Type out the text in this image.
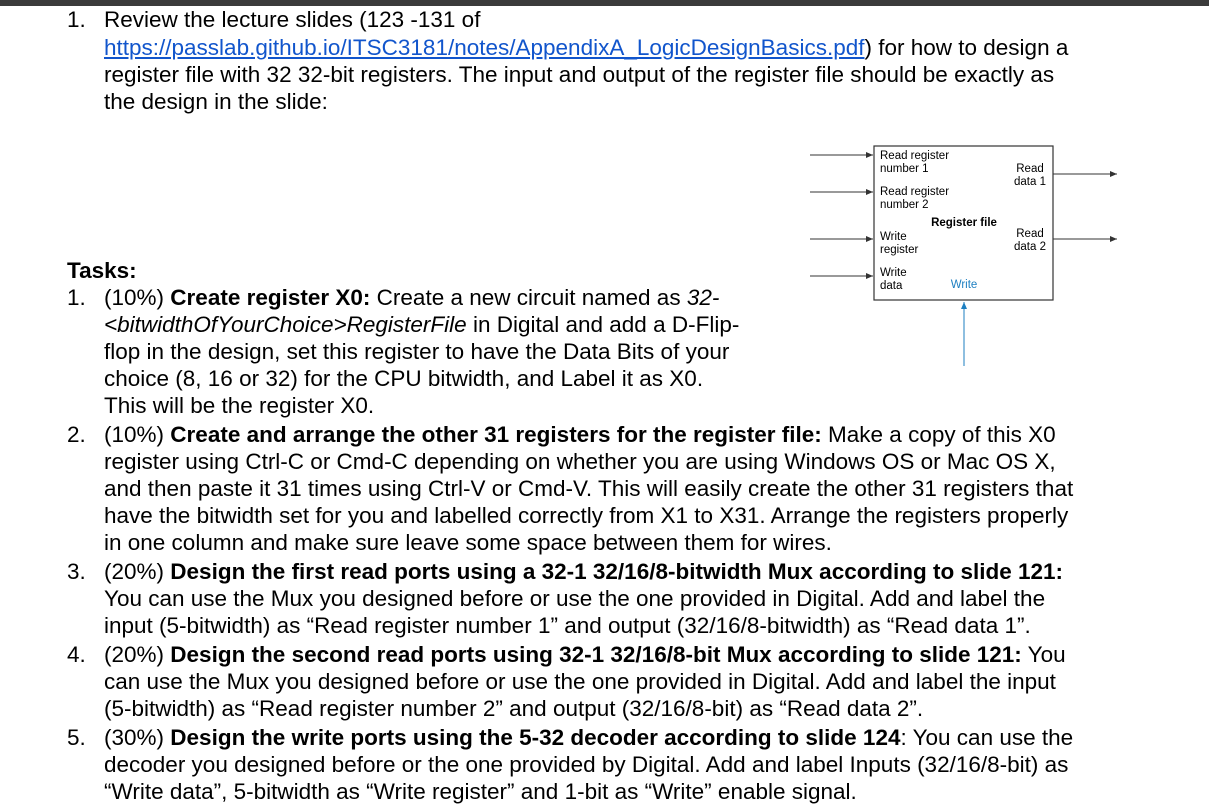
1. Review the lecture slides (123 -131 of
https://passlab.github.io/ITSC3181/notes/AppendixA_LogicDesignBasics.pdf) for how to design a
register file with 32 32-bit registers. The input and output of the register file should be exactly as
the design in the slide:
Read register
number 1
Read register
number 2
Write
register
Write
data
Register file
Read
data 1
Read
data 2
Write
Tasks:
1. (10%) Create register X0: Create a new circuit named as 32-
<bitwidthOfYourChoice>RegisterFile in Digital and add a D-Flip-
flop in the design, set this register to have the Data Bits of your
choice (8, 16 or 32) for the CPU bitwidth, and Label it as X0.
This will be the register X0.
2. (10%) Create and arrange the other 31 registers for the register file: Make a copy of this X0
register using Ctrl-C or Cmd-C depending on whether you are using Windows OS or Mac OS X,
and then paste it 31 times using Ctrl-V or Cmd-V. This will easily create the other 31 registers that
have the bitwidth set for you and labelled correctly from X1 to X31. Arrange the registers properly
in one column and make sure leave some space between them for wires.
3. (20%) Design the first read ports using a 32-1 32/16/8-bitwidth Mux according to slide 121:
You can use the Mux you designed before or use the one provided in Digital. Add and label the
input (5-bitwidth) as “Read register number 1” and output (32/16/8-bitwidth) as “Read data 1”.
4. (20%) Design the second read ports using 32-1 32/16/8-bit Mux according to slide 121: You
can use the Mux you designed before or use the one provided in Digital. Add and label the input
(5-bitwidth) as “Read register number 2” and output (32/16/8-bit) as “Read data 2”.
5. (30%) Design the write ports using the 5-32 decoder according to slide 124: You can use the
decoder you designed before or the one provided by Digital. Add and label Inputs (32/16/8-bit) as
“Write data”, 5-bitwidth as “Write register” and 1-bit as “Write” enable signal.
